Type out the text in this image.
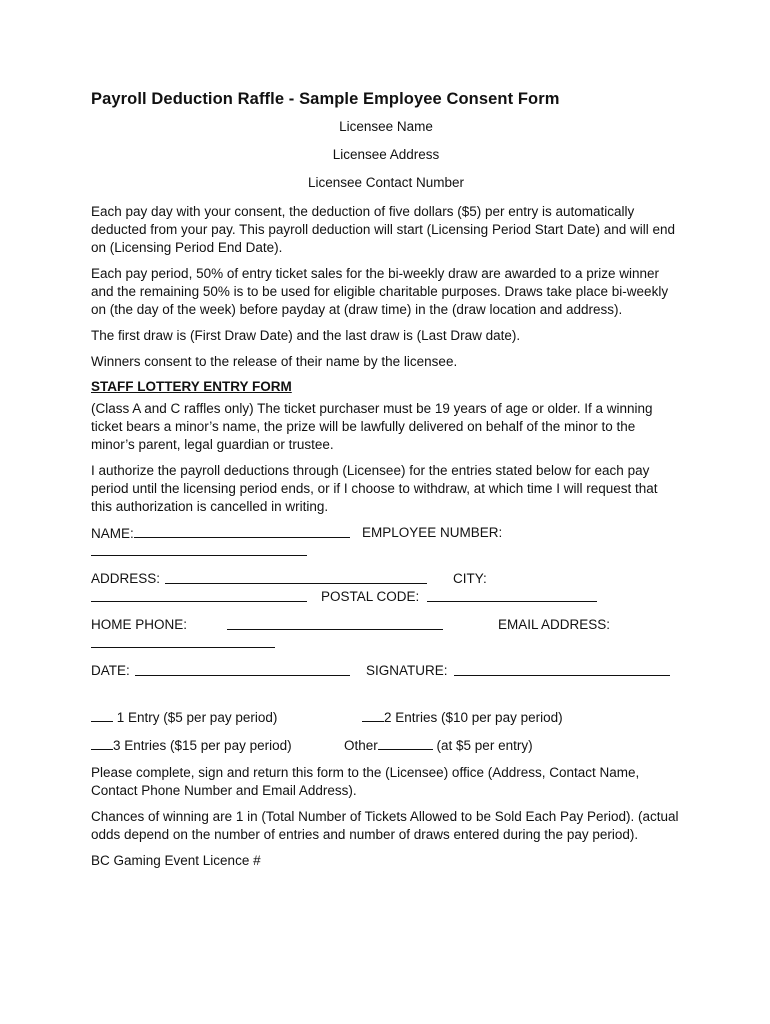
Payroll Deduction Raffle - Sample Employee Consent Form
Licensee Name
Licensee Address
Licensee Contact Number

Each pay day with your consent, the deduction of five dollars ($5) per entry is automatically deducted from your pay. This payroll deduction will start (Licensing Period Start Date) and will end on (Licensing Period End Date).

Each pay period, 50% of entry ticket sales for the bi-weekly draw are awarded to a prize winner and the remaining 50% is to be used for eligible charitable purposes. Draws take place bi-weekly on (the day of the week) before payday at (draw time) in the (draw location and address).

The first draw is (First Draw Date) and the last draw is (Last Draw date).

Winners consent to the release of their name by the licensee.

STAFF LOTTERY ENTRY FORM

(Class A and C raffles only) The ticket purchaser must be 19 years of age or older. If a winning ticket bears a minor’s name, the prize will be lawfully delivered on behalf of the minor to the minor’s parent, legal guardian or trustee.

I authorize the payroll deductions through (Licensee) for the entries stated below for each pay period until the licensing period ends, or if I choose to withdraw, at which time I will request that this authorization is cancelled in writing.

NAME:	EMPLOYEE NUMBER:
ADDRESS:	CITY:
POSTAL CODE:
HOME PHONE:	EMAIL ADDRESS:
DATE:	SIGNATURE:
1 Entry ($5 per pay period)	2 Entries ($10 per pay period)
3 Entries ($15 per pay period)	Other	(at $5 per entry)

Please complete, sign and return this form to the (Licensee) office (Address, Contact Name, Contact Phone Number and Email Address).

Chances of winning are 1 in (Total Number of Tickets Allowed to be Sold Each Pay Period). (actual odds depend on the number of entries and number of draws entered during the pay period).

BC Gaming Event Licence #
